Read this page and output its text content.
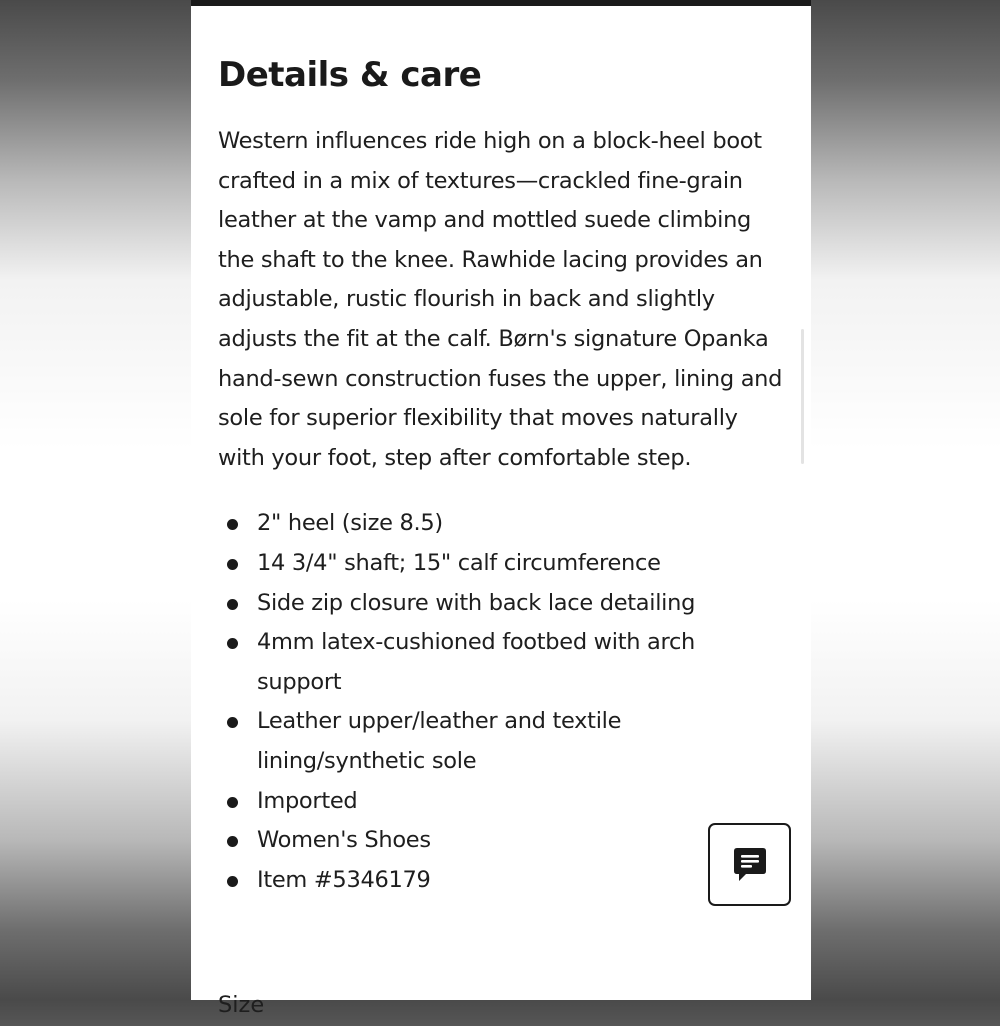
Details & care

Western influences ride high on a block-heel boot crafted in a mix of textures—crackled fine-grain leather at the vamp and mottled suede climbing the shaft to the knee. Rawhide lacing provides an adjustable, rustic flourish in back and slightly adjusts the fit at the calf. Børn's signature Opanka hand-sewn construction fuses the upper, lining and sole for superior flexibility that moves naturally with your foot, step after comfortable step.

2" heel (size 8.5)
14 3/4" shaft; 15" calf circumference
Side zip closure with back lace detailing
4mm latex-cushioned footbed with arch support
Leather upper/leather and textile lining/synthetic sole
Imported
Women's Shoes
Item #5346179
Size
